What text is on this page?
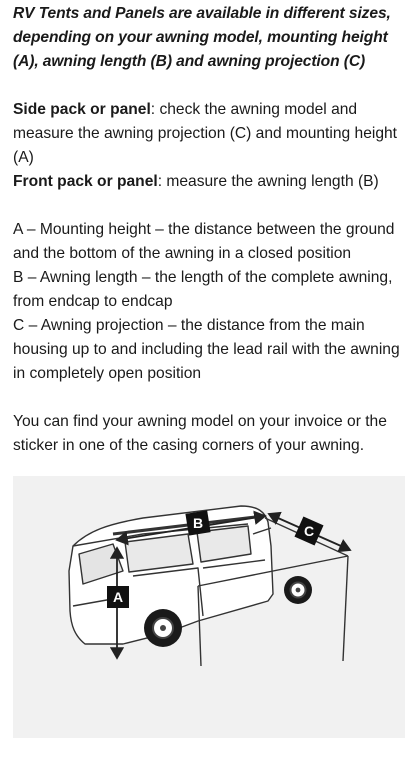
RV Tents and Panels are available in different sizes, depending on your awning model, mounting height (A), awning length (B) and awning projection (C)

Side pack or panel: check the awning model and measure the awning projection (C) and mounting height (A)

Front pack or panel: measure the awning length (B)

A – Mounting height – the distance between the ground and the bottom of the awning in a closed position

B – Awning length – the length of the complete awning, from endcap to endcap

C – Awning projection – the distance from the main housing up to and including the lead rail with the awning in completely open position

You can find your awning model on your invoice or the sticker in one of the casing corners of your awning.

B	C
A
